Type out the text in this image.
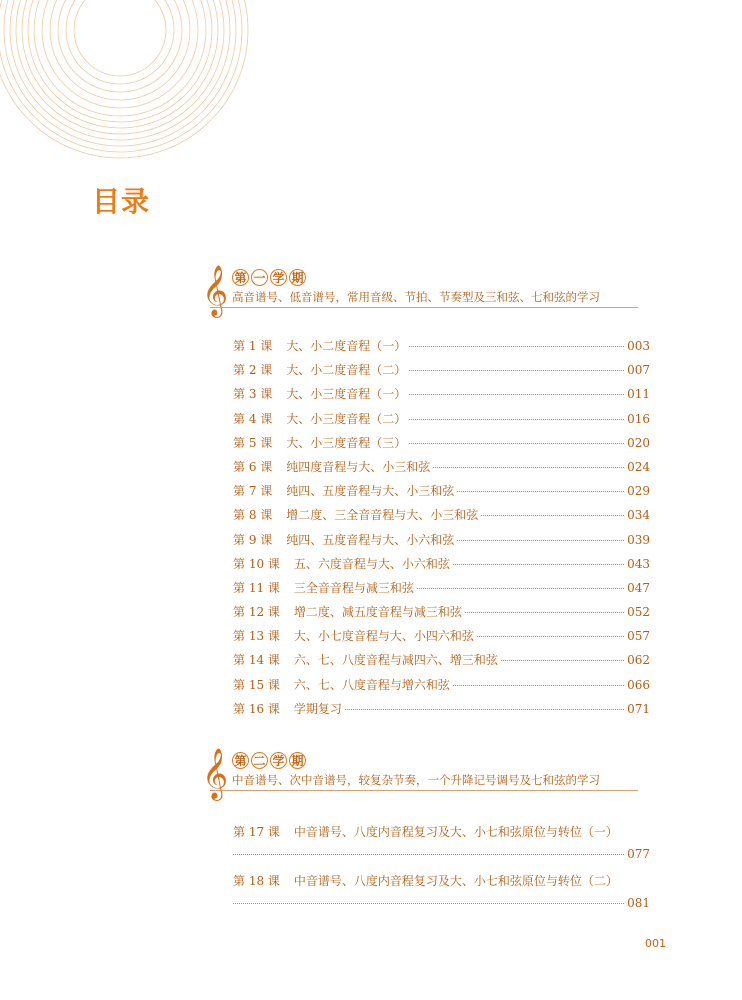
目录
𝄞 第 一 学 期
高音谱号、低音谱号，常用音级、节拍、节奏型及三和弦、七和弦的学习
第 1 课 大、小二度音程（一）	003
第 2 课 大、小二度音程（二）	007
第 3 课 大、小三度音程（一）	011
第 4 课 大、小三度音程（二）	016
第 5 课 大、小三度音程（三）	020
第 6 课 纯四度音程与大、小三和弦	024
第 7 课 纯四、五度音程与大、小三和弦	029
第 8 课 增二度、三全音音程与大、小三和弦	034
第 9 课 纯四、五度音程与大、小六和弦	039
第 10 课 五、六度音程与大、小六和弦	043
第 11 课 三全音音程与减三和弦	047
第 12 课 增二度、减五度音程与减三和弦	052
第 13 课 大、小七度音程与大、小四六和弦	057
第 14 课 六、七、八度音程与减四六、增三和弦	062
第 15 课 六、七、八度音程与增六和弦	066
第 16 课 学期复习	071
𝄞 第 二 学 期
中音谱号、次中音谱号，较复杂节奏，一个升降记号调号及七和弦的学习
第 17 课 中音谱号、八度内音程复习及大、小七和弦原位与转位（一）
077
第 18 课 中音谱号、八度内音程复习及大、小七和弦原位与转位（二）
081
001
